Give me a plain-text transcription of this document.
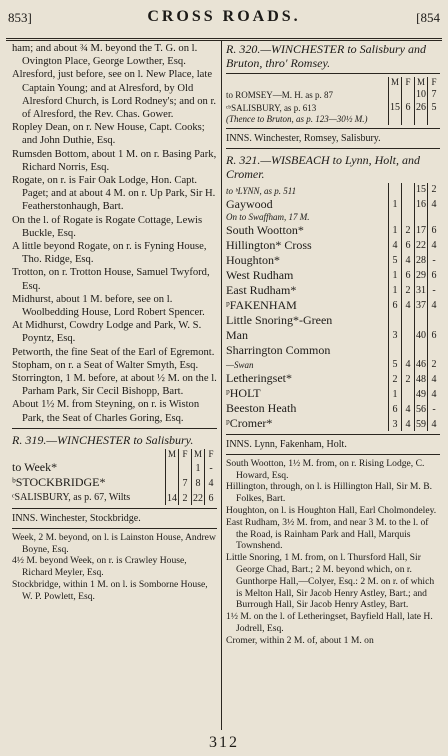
853]	CROSS ROADS.	[854

ham; and about ¾ M. beyond the T. G. on l. Ovington Place, George Lowther, Esq.

Alresford, just before, see on l. New Place, late Captain Young; and at Alresford, by Old Alresford Church, is Lord Rodney's; and on r. of Alresford, the Rev. Chas. Gower.

Ropley Dean, on r. New House, Capt. Cooks; and John Duthie, Esq.

Rumsden Bottom, about 1 M. on r. Basing Park, Richard Norris, Esq.

Rogate, on r. is Fair Oak Lodge, Hon. Capt. Paget; and at about 4 M. on r. Up Park, Sir H. Featherstonhaugh, Bart.

On the l. of Rogate is Rogate Cottage, Lewis Buckle, Esq.

A little beyond Rogate, on r. is Fyning House, Tho. Ridge, Esq.

Trotton, on r. Trotton House, Samuel Twyford, Esq.

Midhurst, about 1 M. before, see on l. Woolbedding House, Lord Robert Spencer.

At Midhurst, Cowdry Lodge and Park, W. S. Poyntz, Esq.

Petworth, the fine Seat of the Earl of Egremont.

Stopham, on r. a Seat of Walter Smyth, Esq.

Storrington, 1 M. before, at about ½ M. on the l. Parham Park, Sir Cecil Bishopp, Bart.

About 1½ M. from Steyning, on r. is Wiston Park, the Seat of Charles Goring, Esq.

R. 319.—WINCHESTER to Salisbury.
	M	F	M	F
to Week*			1	-
ᵇSTOCKBRIDGE*		7	8	4
ᶜSALISBURY, as p. 67, Wilts	14	2	22	6
INNS. Winchester, Stockbridge.

Week, 2 M. beyond, on l. is Lainston House, Andrew Boyne, Esq.

4½ M. beyond Week, on r. is Crawley House, Richard Meyler, Esq.

Stockbridge, within 1 M. on l. is Somborne House, W. P. Powlett, Esq.

R. 320.—WINCHESTER to Salisbury and Bruton, thro' Romsey.
	M	F	M	F
to ROMSEY—M. H. as p. 87			10	7
ᶜᵇSALISBURY, as p. 613	15	6	26	5
(Thence to Bruton, as p. 123—30½ M.)				
INNS. Winchester, Romsey, Salisbury.
R. 321.—WISBEACH to Lynn, Holt, and Cromer.
to ᵇLYNN, as p. 511			15	2
Gaywood	1		16	4
On to Swaffham, 17 M.				
South Wootton*	1	2	17	6
Hillington* Cross	4	6	22	4
Houghton*	5	4	28	-
West Rudham	1	6	29	6
East Rudham*	1	2	31	-
ᵖFAKENHAM	6	4	37	4
Little Snoring*-Green				
Man	3		40	6
Sharrington Common				
—Swan	5	4	46	2
Letheringset*	2	2	48	4
ᵖHOLT	1		49	4
Beeston Heath	6	4	56	-
ᵖCromer*	3	4	59	4
INNS. Lynn, Fakenham, Holt.

South Wootton, 1½ M. from, on r. Rising Lodge, C. Howard, Esq.

Hillington, through, on l. is Hillington Hall, Sir M. B. Folkes, Bart.

Houghton, on l. is Houghton Hall, Earl Cholmondeley.

East Rudham, 3½ M. from, and near 3 M. to the l. of the Road, is Rainham Park and Hall, Marquis Townshend.

Little Snoring, 1 M. from, on l. Thursford Hall, Sir George Chad, Bart.; 2 M. beyond which, on r. Gunthorpe Hall,—Colyer, Esq.: 2 M. on r. of which is Melton Hall, Sir Jacob Henry Astley, Bart.; and Burrough Hall, Sir Jacob Henry Astley, Bart.

1½ M. on the l. of Letheringset, Bayfield Hall, late H. Jodrell, Esq.

Cromer, within 2 M. of, about 1 M. on

312
